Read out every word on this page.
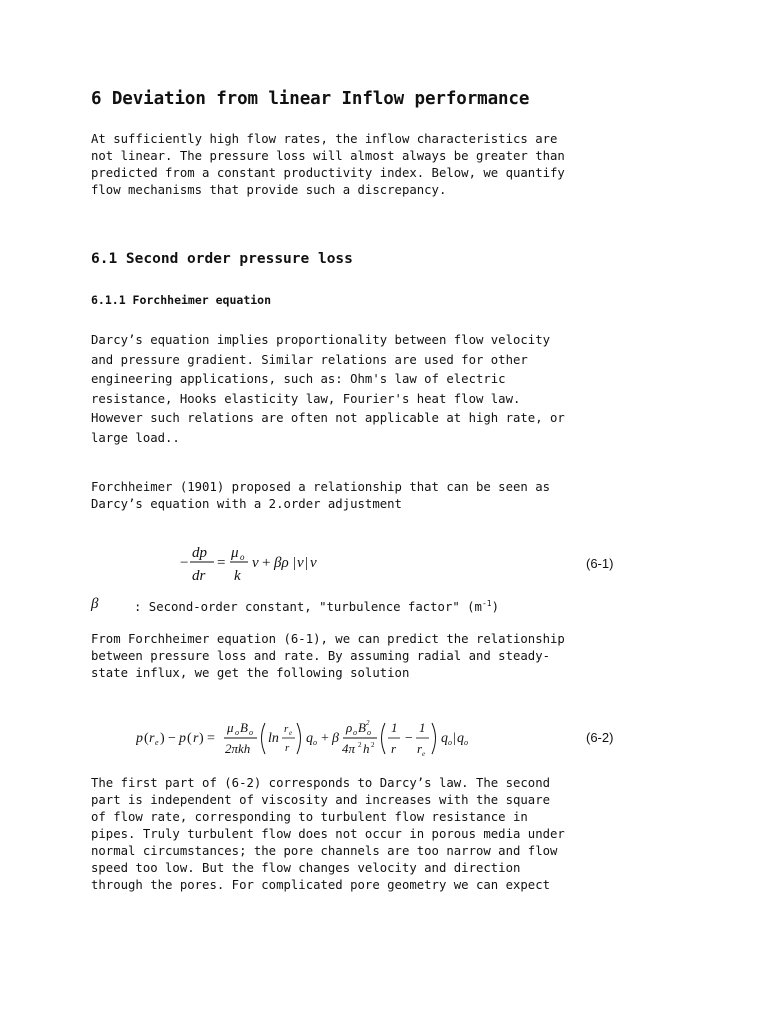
6 Deviation from linear Inflow performance
At sufficiently high flow rates, the inflow characteristics are
not linear. The pressure loss will almost always be greater than
predicted from a constant productivity index. Below, we quantify
flow mechanisms that provide such a discrepancy.
6.1 Second order pressure loss
6.1.1 Forchheimer equation
Darcy’s equation implies proportionality between flow velocity
and pressure gradient. Similar relations are used for other
engineering applications, such as: Ohm's law of electric
resistance, Hooks elasticity law, Fourier's heat flow law.
However such relations are often not applicable at high rate, or
large load..
Forchheimer (1901) proposed a relationship that can be seen as
Darcy’s equation with a 2.order adjustment
−
dp
dr
=
μ o
k
v + βρ | v | v	(6-1)
β	: Second-order constant, "turbulence factor" $(m^{-1})$
From Forchheimer equation (6-1), we can predict the relationship
between pressure loss and rate. By assuming radial and steady-
state influx, we get the following solution
p ( r e ) − p ( r ) =
μ o B o
2πkh
ln
r e
r
q o + β
ρ o B 2
o
4π 2 h 2
1
r
−
1
r e
q o | q o	(6-2)
The first part of (6-2) corresponds to Darcy’s law. The second
part is independent of viscosity and increases with the square
of flow rate, corresponding to turbulent flow resistance in
pipes. Truly turbulent flow does not occur in porous media under
normal circumstances; the pore channels are too narrow and flow
speed too low. But the flow changes velocity and direction
through the pores. For complicated pore geometry we can expect
